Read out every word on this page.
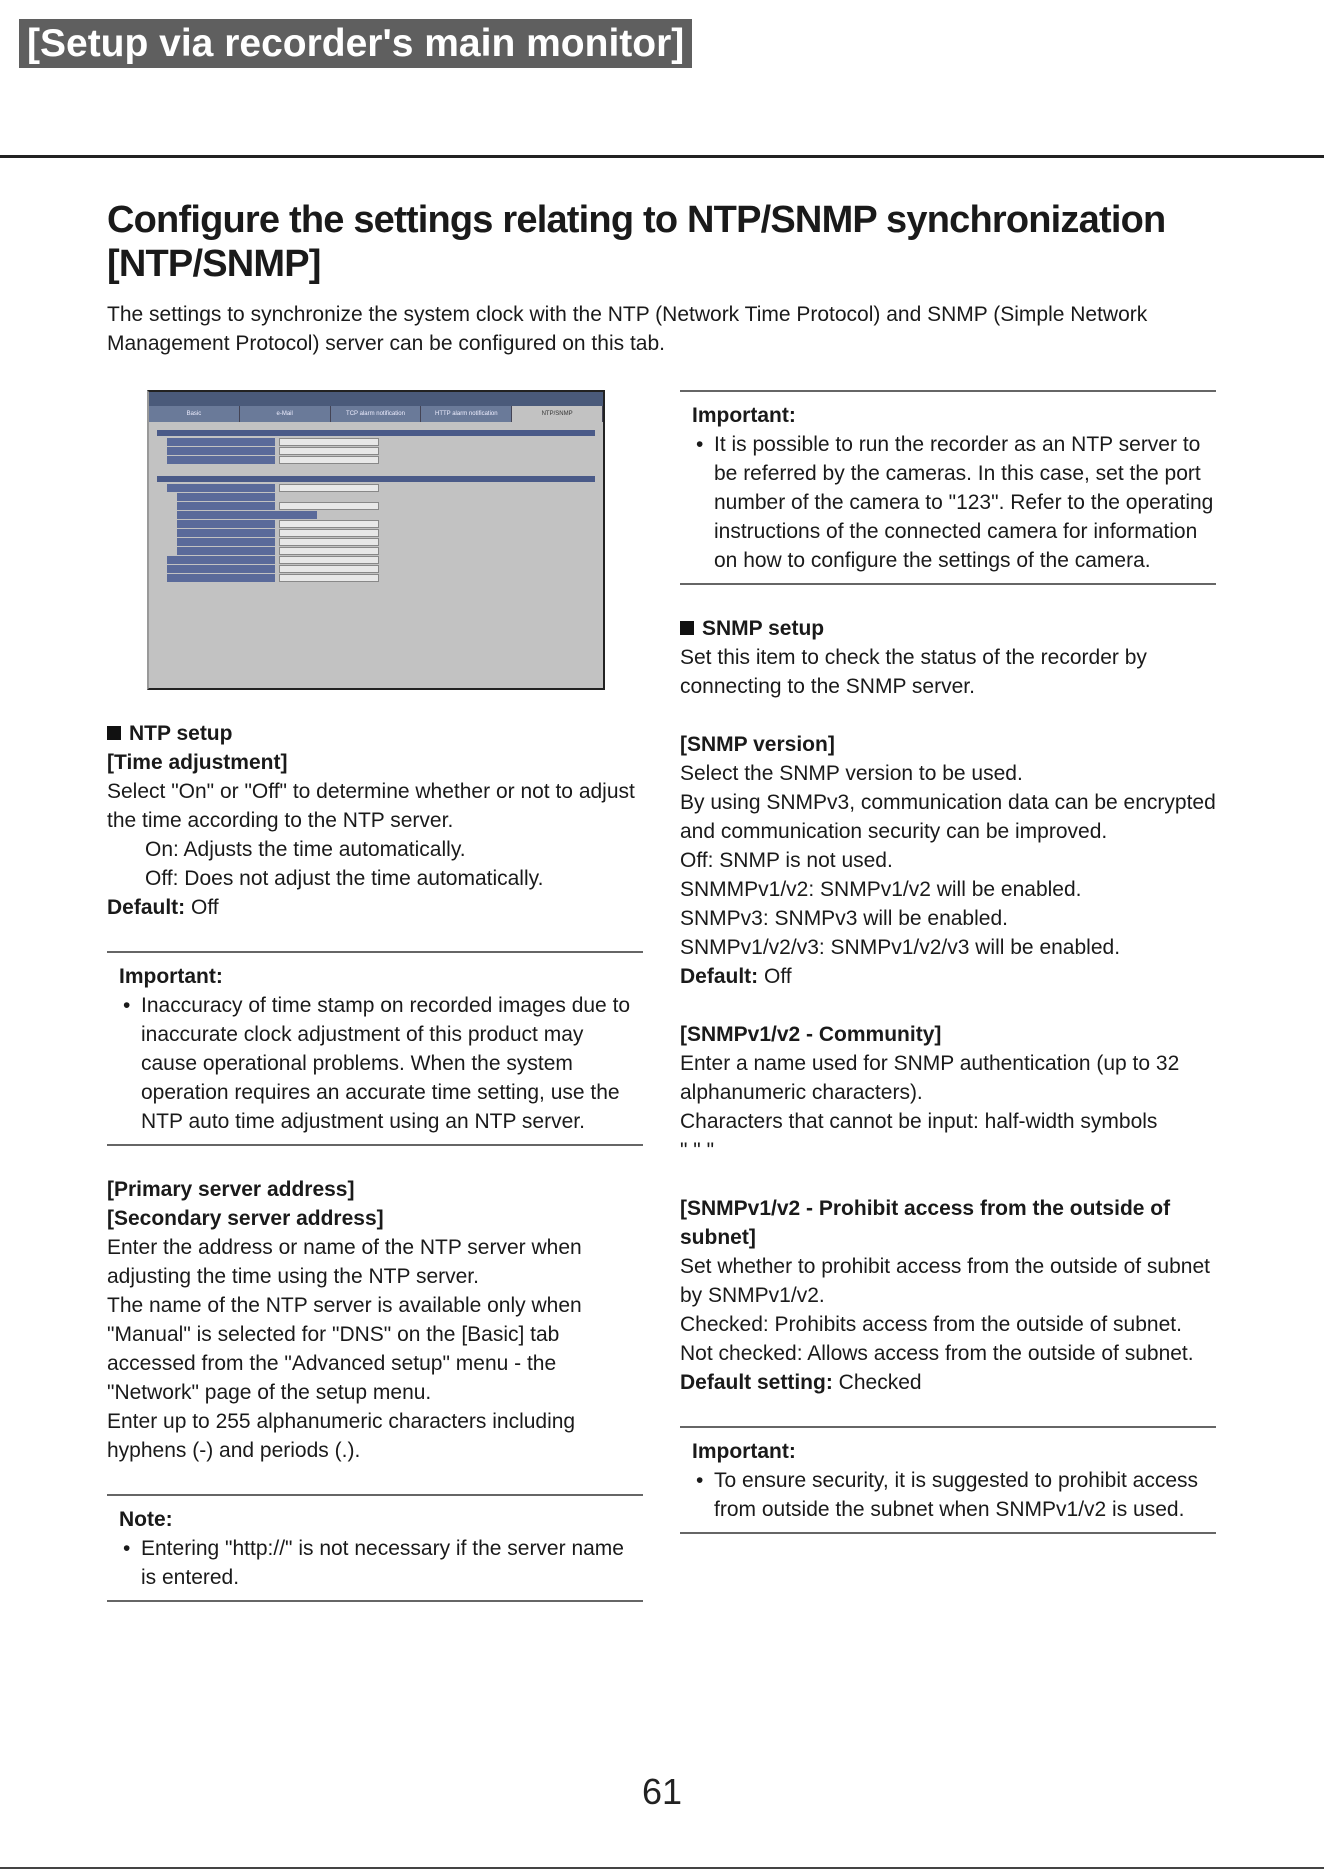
[Setup via recorder's main monitor]
Configure the settings relating to NTP/SNMP synchronization [NTP/SNMP]

The settings to synchronize the system clock with the NTP (Network Time Protocol) and SNMP (Simple Network Management Protocol) server can be configured on this tab.

Basic	e-Mail	TCP alarm notification	HTTP alarm notification	NTP/SNMP

NTP setup

[Time adjustment]

Select "On" or "Off" to determine whether or not to adjust the time according to the NTP server.

On: Adjusts the time automatically.

Off: Does not adjust the time automatically.

Default: Off

Important:

• Inaccuracy of time stamp on recorded images due to inaccurate clock adjustment of this product may cause operational problems. When the system operation requires an accurate time setting, use the NTP auto time adjustment using an NTP server.

[Primary server address]

[Secondary server address]

Enter the address or name of the NTP server when adjusting the time using the NTP server.

The name of the NTP server is available only when "Manual" is selected for "DNS" on the [Basic] tab accessed from the "Advanced setup" menu - the "Network" page of the setup menu.

Enter up to 255 alphanumeric characters including hyphens (-) and periods (.).

Note:

• Entering "http://" is not necessary if the server name is entered.

Important:

• It is possible to run the recorder as an NTP server to be referred by the cameras. In this case, set the port number of the camera to "123". Refer to the operating instructions of the connected camera for information on how to configure the settings of the camera.

SNMP setup

Set this item to check the status of the recorder by connecting to the SNMP server.

[SNMP version]

Select the SNMP version to be used.

By using SNMPv3, communication data can be encrypted and communication security can be improved.

Off: SNMP is not used.

SNMMPv1/v2: SNMPv1/v2 will be enabled.

SNMPv3: SNMPv3 will be enabled.

SNMPv1/v2/v3: SNMPv1/v2/v3 will be enabled.

Default: Off

[SNMPv1/v2 - Community]

Enter a name used for SNMP authentication (up to 32 alphanumeric characters).

Characters that cannot be input: half-width symbols

" " "

[SNMPv1/v2 - Prohibit access from the outside of subnet]

Set whether to prohibit access from the outside of subnet by SNMPv1/v2.

Checked: Prohibits access from the outside of subnet.

Not checked: Allows access from the outside of subnet.

Default setting: Checked

Important:

• To ensure security, it is suggested to prohibit access from outside the subnet when SNMPv1/v2 is used.
61
